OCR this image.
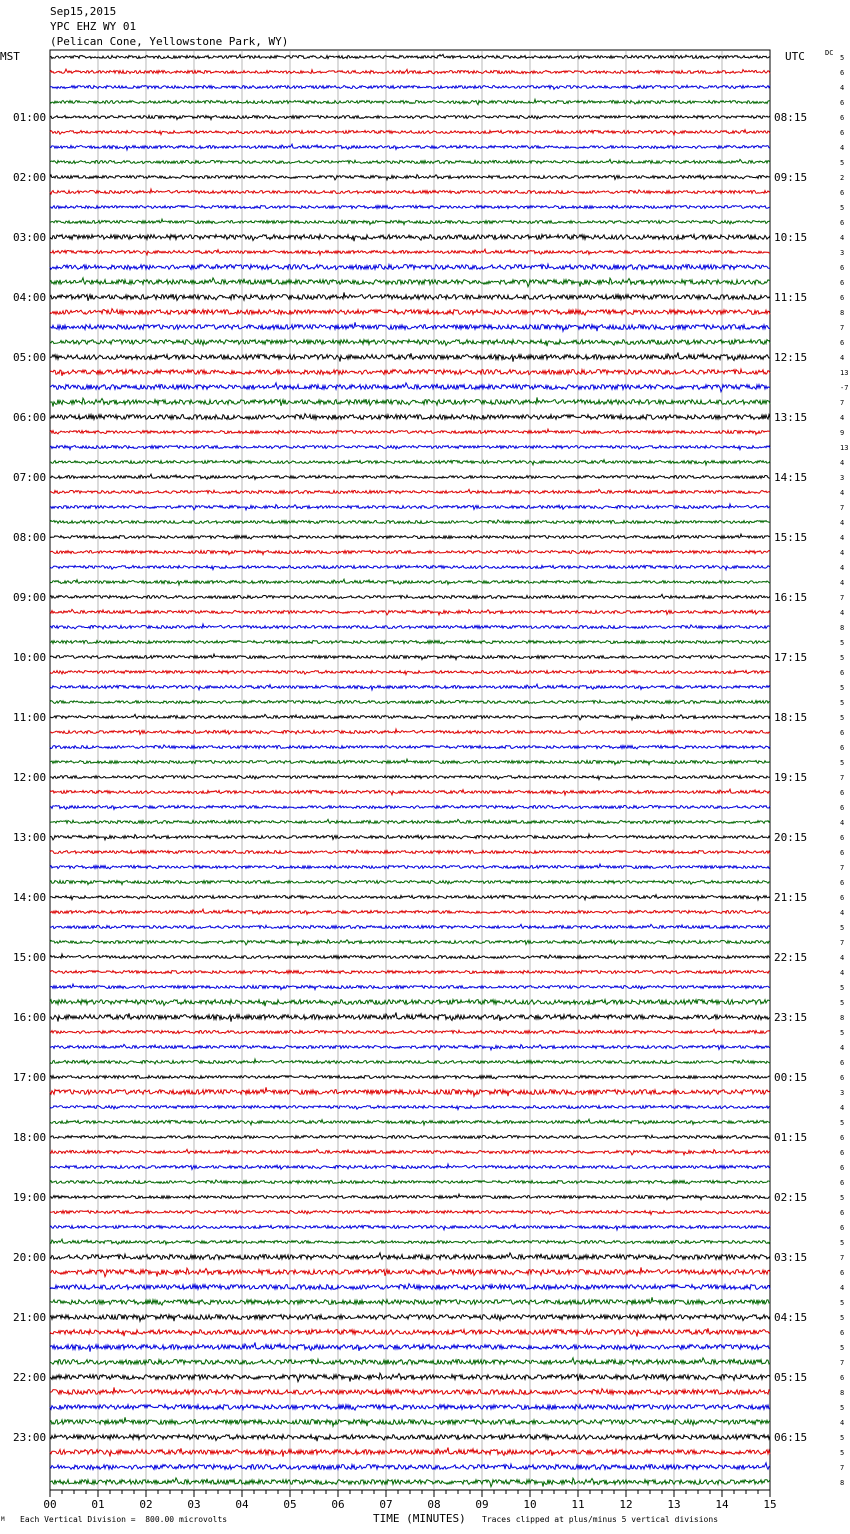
Sep15,2015
YPC EHZ WY 01
(Pelican Cone, Yellowstone Park, WY)
MST	UTC	DC
5
6
4
6
6
6
4
5
2
6
5
6
4
3
6
6
6
8
7
6
4
13
-7
7
4
9
13
4
3
4
7
4
4
4
4
4
7
4
8
5
5
6
5
5
5
6
6
5
7
6
6
4
6
6
7
6
6
4
5
7
4
4
5
5
8
5
4
6
6
3
4
5
6
6
6
6
5
6
6
5
7
6
4
5
5
6
5
7
6
8
5
4
5
5
7
8
01:00
02:00
03:00
04:00
05:00
06:00
07:00
08:00
09:00
10:00
11:00
12:00
13:00
14:00
15:00
16:00
17:00
18:00
19:00
20:00
21:00
22:00
23:00
08:15
09:15
10:15
11:15
12:15
13:15
14:15
15:15
16:15
17:15
18:15
19:15
20:15
21:15
22:15
23:15
00:15
01:15
02:15
03:15
04:15
05:15
06:15
00	01	02	03	04	05	06	07	08	09	10	11	12	13	14	15
M Each Vertical Division =  800.00 microvolts	TIME (MINUTES) Traces clipped at plus/minus 5 vertical divisions
